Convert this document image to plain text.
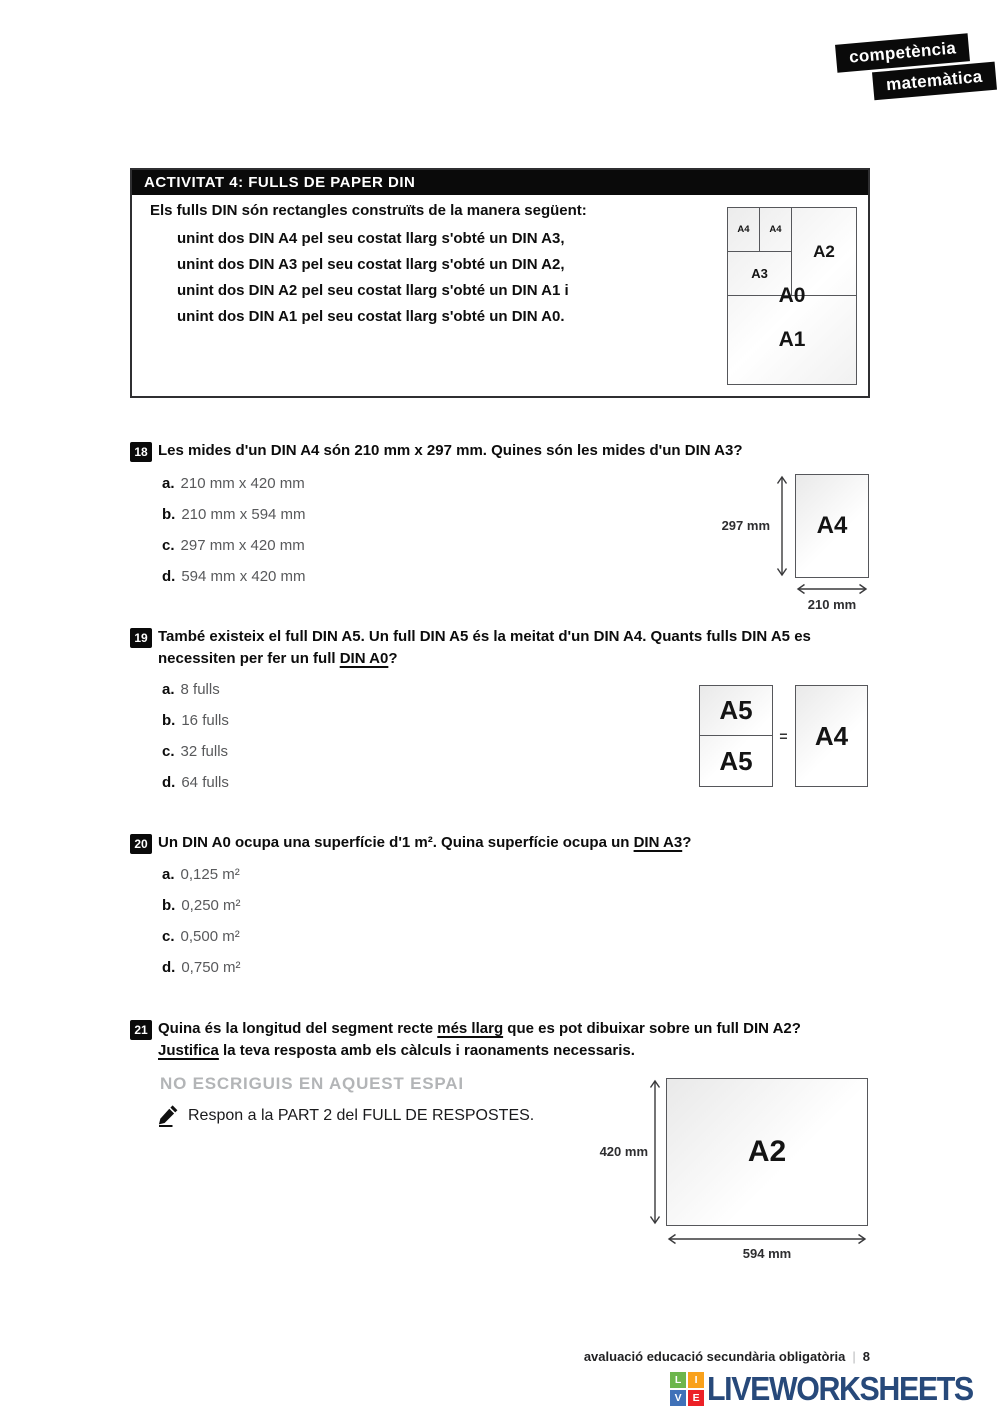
competència
matemàtica
ACTIVITAT 4: FULLS DE PAPER DIN

Els fulls DIN són rectangles construïts de la manera següent:

unint dos DIN A4 pel seu costat llarg s'obté un DIN A3,
unint dos DIN A3 pel seu costat llarg s'obté un DIN A2,
unint dos DIN A2 pel seu costat llarg s'obté un DIN A1 i
unint dos DIN A1 pel seu costat llarg s'obté un DIN A0.
A4	A4
A3
A2
A1
A0
18 Les mides d'un DIN A4 són 210 mm x 297 mm. Quines són les mides d'un DIN A3?
a. 210 mm x 420 mm
b. 210 mm x 594 mm
c. 297 mm x 420 mm
d. 594 mm x 420 mm
297 mm	A4
210 mm
19 També existeix el full DIN A5. Un full DIN A5 és la meitat d'un DIN A4. Quants fulls DIN A5 es
necessiten per fer un full DIN A0?
a. 8 fulls
b. 16 fulls
c. 32 fulls
d. 64 fulls
A5
A5
=	A4
20 Un DIN A0 ocupa una superfície d'1 m². Quina superfície ocupa un DIN A3?
a. 0,125 m²
b. 0,250 m²
c. 0,500 m²
d. 0,750 m²
21 Quina és la longitud del segment recte més llarg que es pot dibuixar sobre un full DIN A2?
Justifica la teva resposta amb els càlculs i raonaments necessaris.
NO ESCRIGUIS EN AQUEST ESPAI
Respon a la PART 2 del FULL DE RESPOSTES.
420 mm	A2
594 mm
avaluació educació secundària obligatòria | 8
L	I
V	E LIVEWORKSHEETS
